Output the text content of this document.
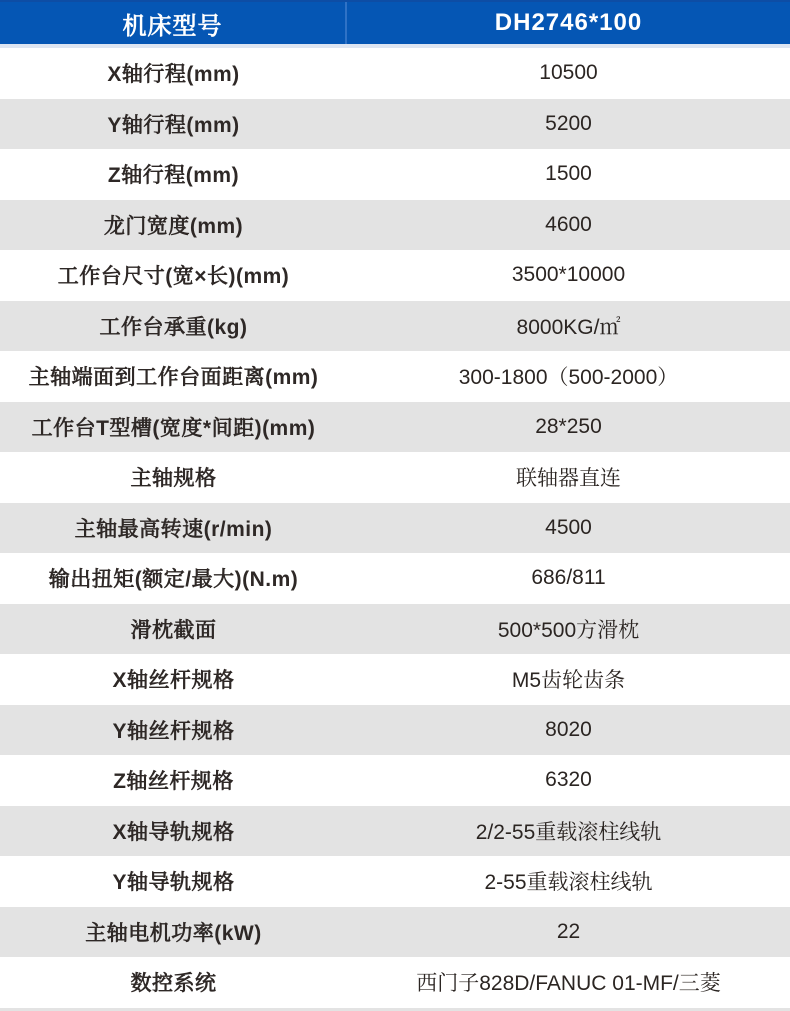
机床型号	DH2746*100
X轴行程(mm)	10500
Y轴行程(mm)	5200
Z轴行程(mm)	1500
龙门宽度(mm)	4600
工作台尺寸(宽×长)(mm)	3500*10000
工作台承重(kg)	8000KG/㎡
主轴端面到工作台面距离(mm)	300-1800（500-2000）
工作台T型槽(宽度*间距)(mm)	28*250
主轴规格	联轴器直连
主轴最高转速(r/min)	4500
输出扭矩(额定/最大)(N.m)	686/811
滑枕截面	500*500方滑枕
X轴丝杆规格	M5齿轮齿条
Y轴丝杆规格	8020
Z轴丝杆规格	6320
X轴导轨规格	2/2-55重载滚柱线轨
Y轴导轨规格	2-55重载滚柱线轨
主轴电机功率(kW)	22
数控系统	西门子828D/FANUC 01-MF/三菱
